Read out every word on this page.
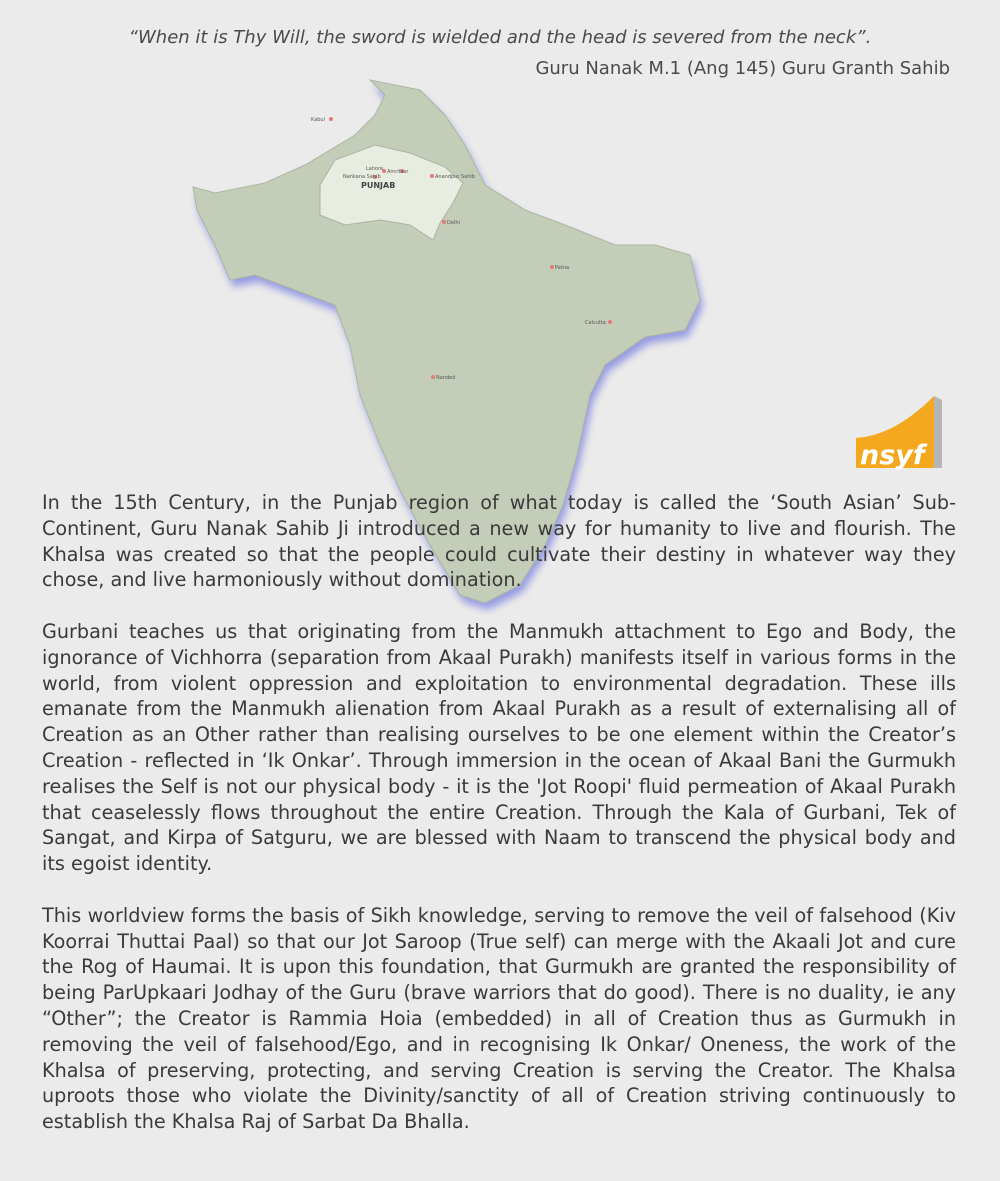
“When it is Thy Will, the sword is wielded and the head is severed from the neck”.

Guru Nanak M.1 (Ang 145) Guru Granth Sahib

Kabul
Lahore Amritsar
Nankana Sahib	Anandpur Sahib
Delhi
Patna
Calcutta
Nanded
PUNJAB
nsyf

In the 15th Century, in the Punjab region of what today is called the ‘South Asian’ Sub-Continent, Guru Nanak Sahib Ji introduced a new way for humanity to live and flourish. The Khalsa was created so that the people could cultivate their destiny in whatever way they chose, and live harmoniously without domination.

Gurbani teaches us that originating from the Manmukh attachment to Ego and Body, the ignorance of Vichhorra (separation from Akaal Purakh) manifests itself in various forms in the world, from violent oppression and exploitation to environmental degradation. These ills emanate from the Manmukh alienation from Akaal Purakh as a result of externalising all of Creation as an Other rather than realising ourselves to be one element within the Creator’s Creation - reflected in ‘Ik Onkar’. Through immersion in the ocean of Akaal Bani the Gurmukh realises the Self is not our physical body - it is the 'Jot Roopi' fluid permeation of Akaal Purakh that ceaselessly flows throughout the entire Creation. Through the Kala of Gurbani, Tek of Sangat, and Kirpa of Satguru, we are blessed with Naam to transcend the physical body and its egoist identity.

This worldview forms the basis of Sikh knowledge, serving to remove the veil of falsehood (Kiv Koorrai Thuttai Paal) so that our Jot Saroop (True self) can merge with the Akaali Jot and cure the Rog of Haumai. It is upon this foundation, that Gurmukh are granted the responsibility of being ParUpkaari Jodhay of the Guru (brave warriors that do good). There is no duality, ie any “Other”; the Creator is Rammia Hoia (embedded) in all of Creation thus as Gurmukh in removing the veil of falsehood/Ego, and in recognising Ik Onkar/ Oneness, the work of the Khalsa of preserving, protecting, and serving Creation is serving the Creator. The Khalsa uproots those who violate the Divinity/sanctity of all of Creation striving continuously to establish the Khalsa Raj of Sarbat Da Bhalla.
